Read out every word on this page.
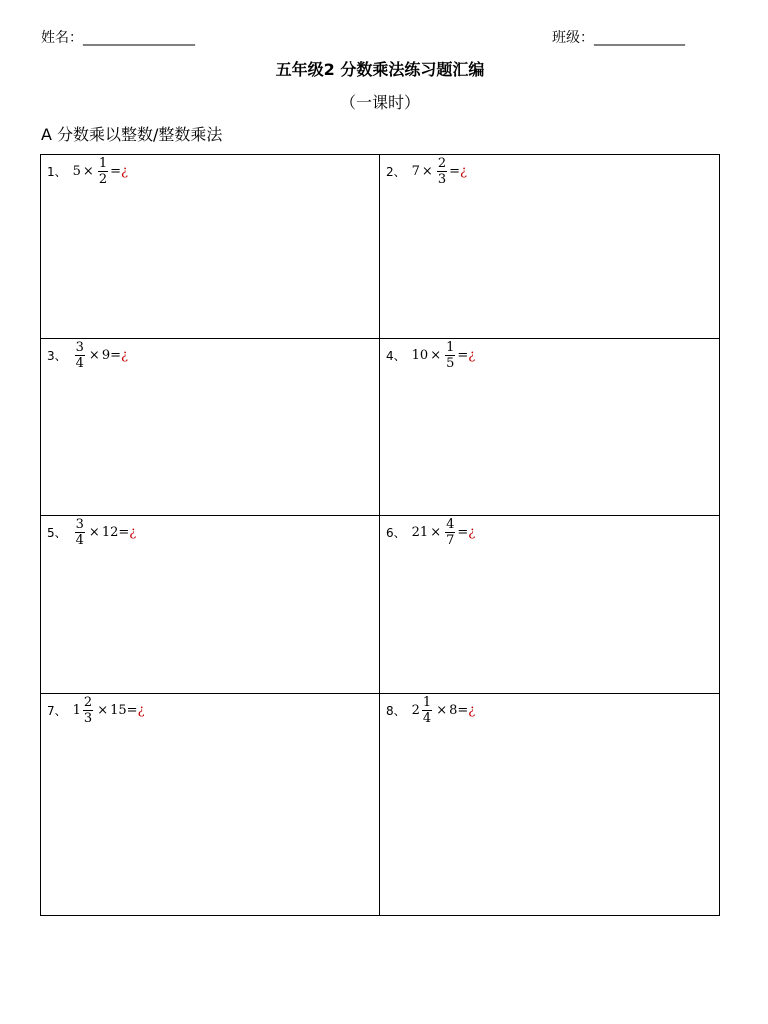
姓名：________________	班级：_____________
五年级2 分数乘法练习题汇编
（一课时）
A 分数乘以整数/整数乘法
1、 $5 \times \frac{1}{2}$ = ¿	2、 $7 \times \frac{2}{3}$ = ¿
3、 $\frac{3}{4} \times 9$ = ¿	4、 $10 \times \frac{1}{5}$ = ¿
5、 $\frac{3}{4} \times 12$ = ¿	6、 $21 \times \frac{4}{7}$ = ¿
7、 $1 \frac{2}{3} \times 15$ = ¿	8、 $2 \frac{1}{4} \times 8$ = ¿
